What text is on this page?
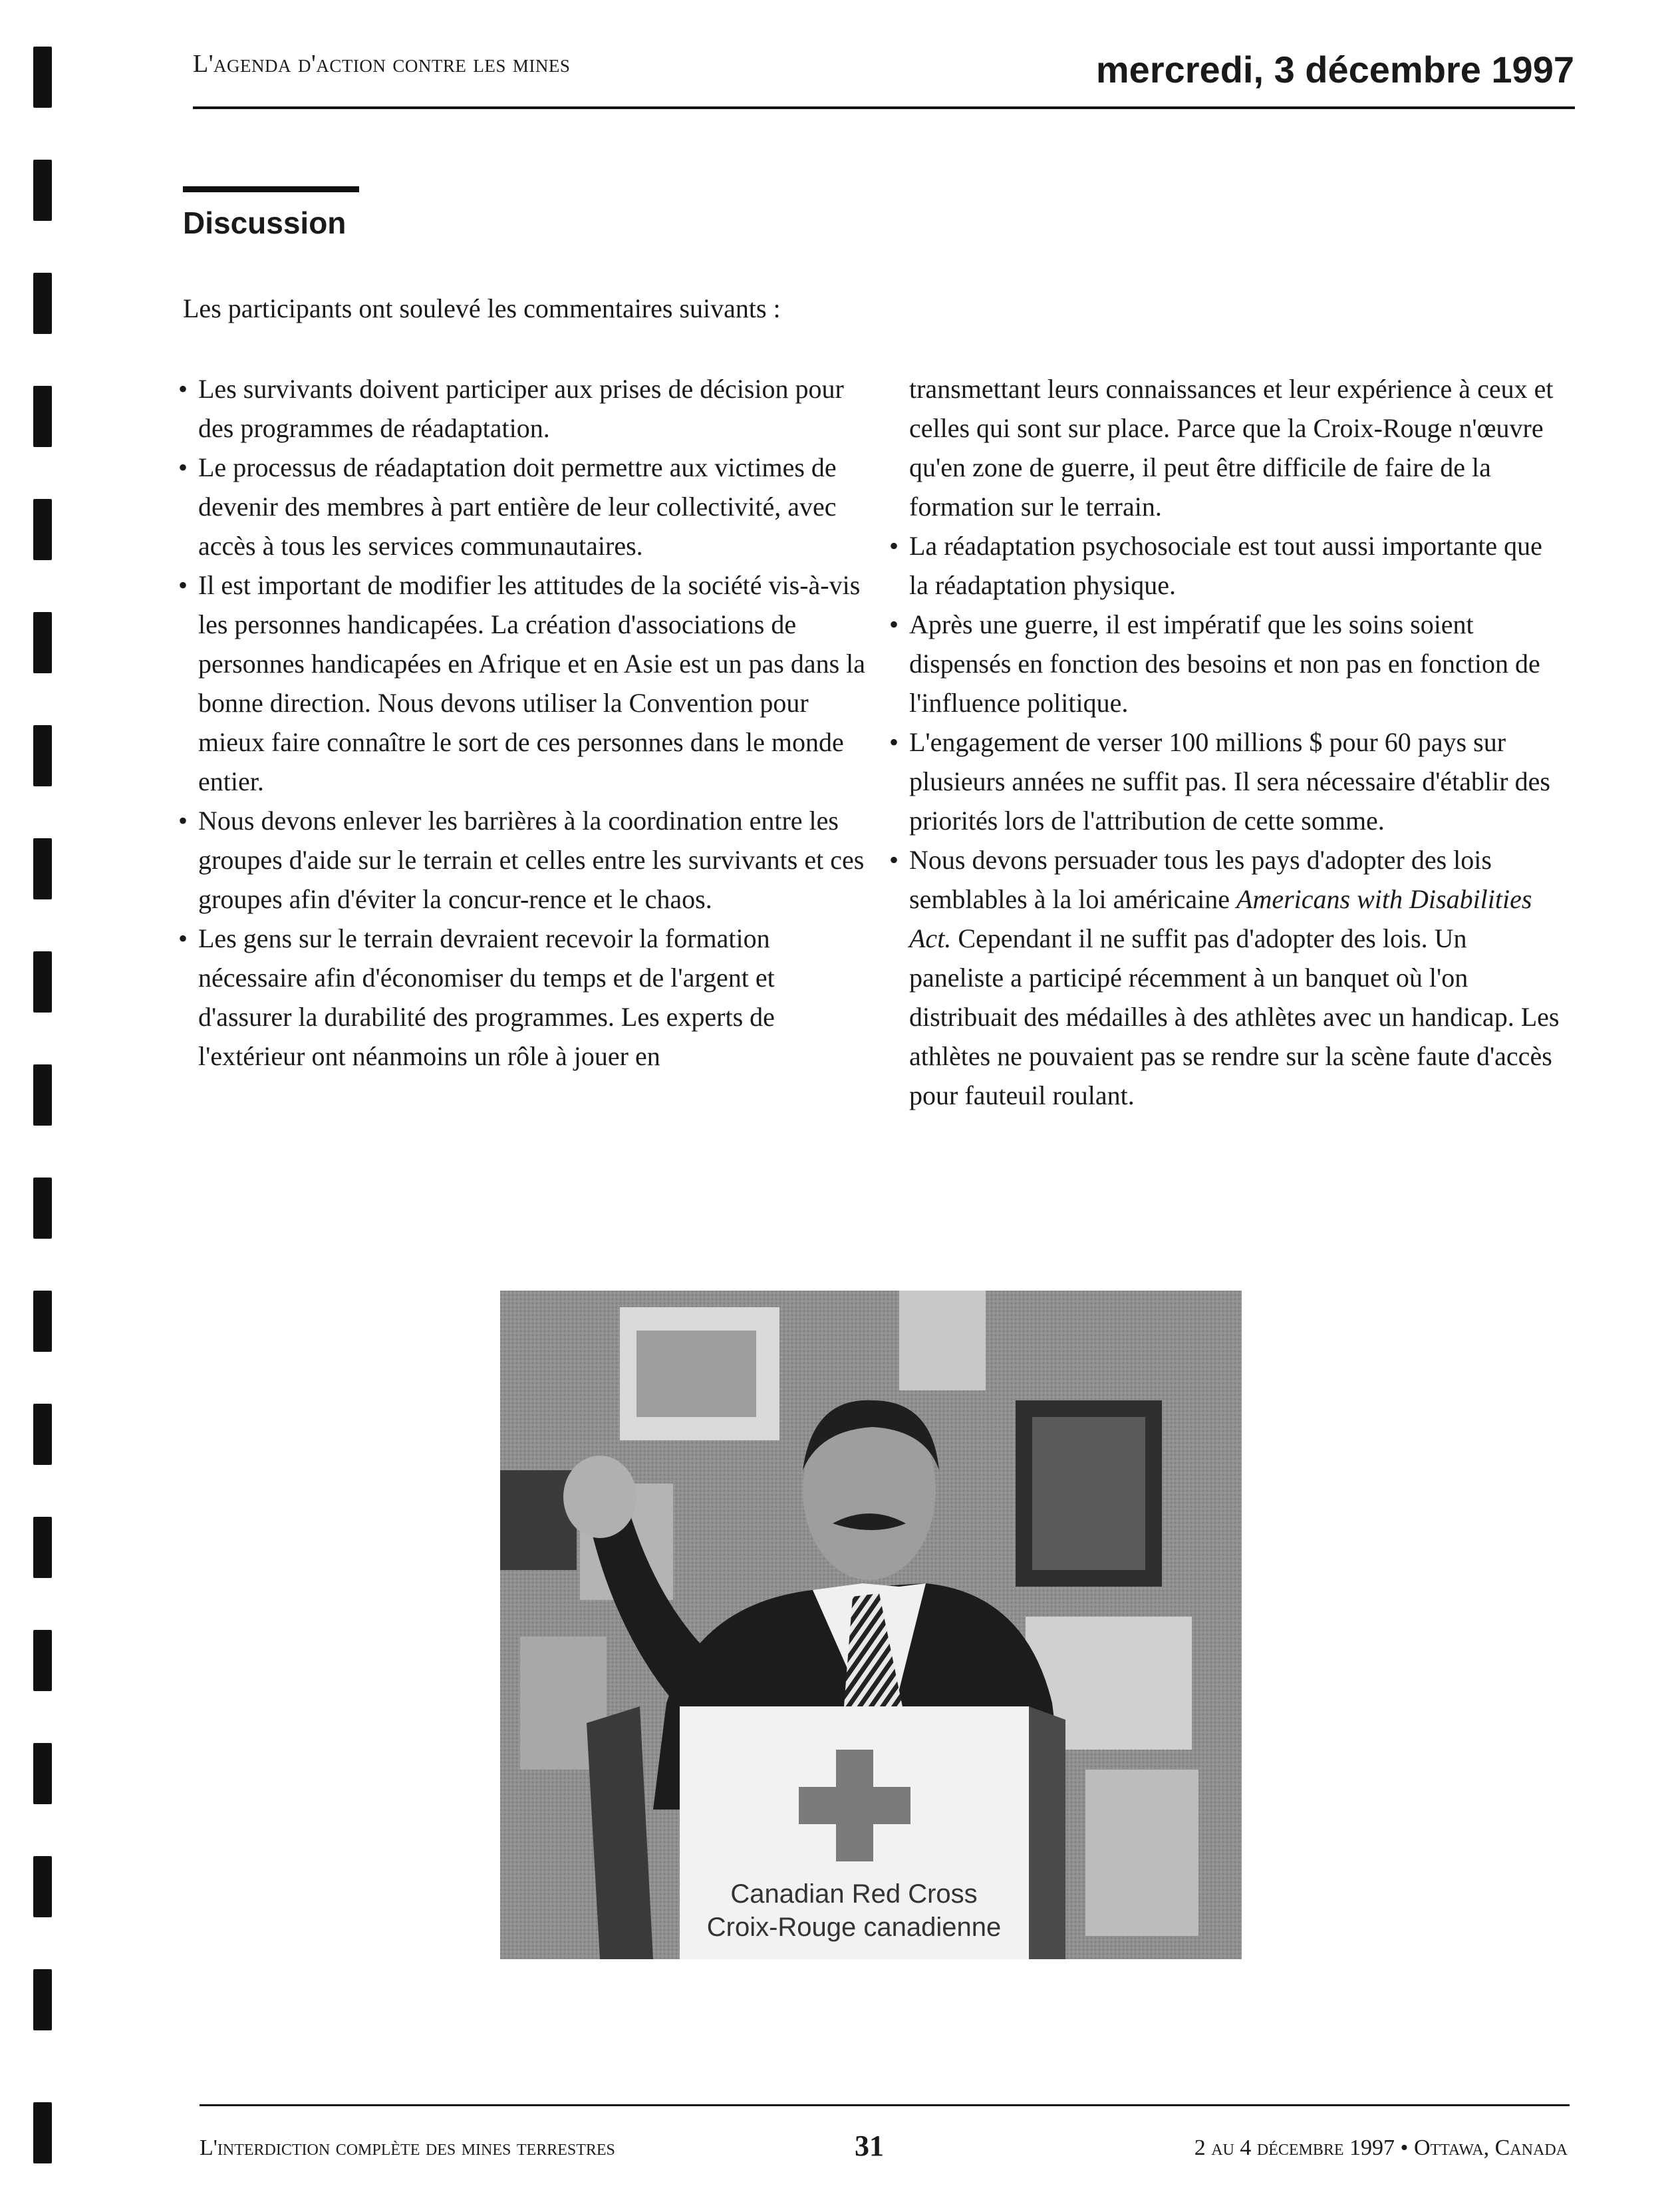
L'agenda d'action contre les mines	mercredi, 3 décembre 1997
Discussion
Les participants ont soulevé les commentaires suivants :
• Les survivants doivent participer aux prises de décision pour des programmes de réadaptation.
• Le processus de réadaptation doit permettre aux victimes de devenir des membres à part entière de leur collectivité, avec accès à tous les services communautaires.
• Il est important de modifier les attitudes de la société vis-à-vis les personnes handicapées. La création d'associations de personnes handicapées en Afrique et en Asie est un pas dans la bonne direction. Nous devons utiliser la Convention pour mieux faire connaître le sort de ces personnes dans le monde entier.
• Nous devons enlever les barrières à la coordination entre les groupes d'aide sur le terrain et celles entre les survivants et ces groupes afin d'éviter la concur-rence et le chaos.
• Les gens sur le terrain devraient recevoir la formation nécessaire afin d'économiser du temps et de l'argent et d'assurer la durabilité des programmes. Les experts de l'extérieur ont néanmoins un rôle à jouer en

transmettant leurs connaissances et leur expérience à ceux et celles qui sont sur place. Parce que la Croix-Rouge n'œuvre qu'en zone de guerre, il peut être difficile de faire de la formation sur le terrain.

• La réadaptation psychosociale est tout aussi importante que la réadaptation physique.
• Après une guerre, il est impératif que les soins soient dispensés en fonction des besoins et non pas en fonction de l'influence politique.
• L'engagement de verser 100 millions $ pour 60 pays sur plusieurs années ne suffit pas. Il sera nécessaire d'établir des priorités lors de l'attribution de cette somme.
• Nous devons persuader tous les pays d'adopter des lois semblables à la loi américaine Americans with Disabilities Act. Cependant il ne suffit pas d'adopter des lois. Un paneliste a participé récemment à un banquet où l'on distribuait des médailles à des athlètes avec un handicap. Les athlètes ne pouvaient pas se rendre sur la scène faute d'accès pour fauteuil roulant.
Canadian Red Cross
Croix-Rouge canadienne
L'interdiction complète des mines terrestres	31	2 au 4 décembre 1997 • Ottawa, Canada
